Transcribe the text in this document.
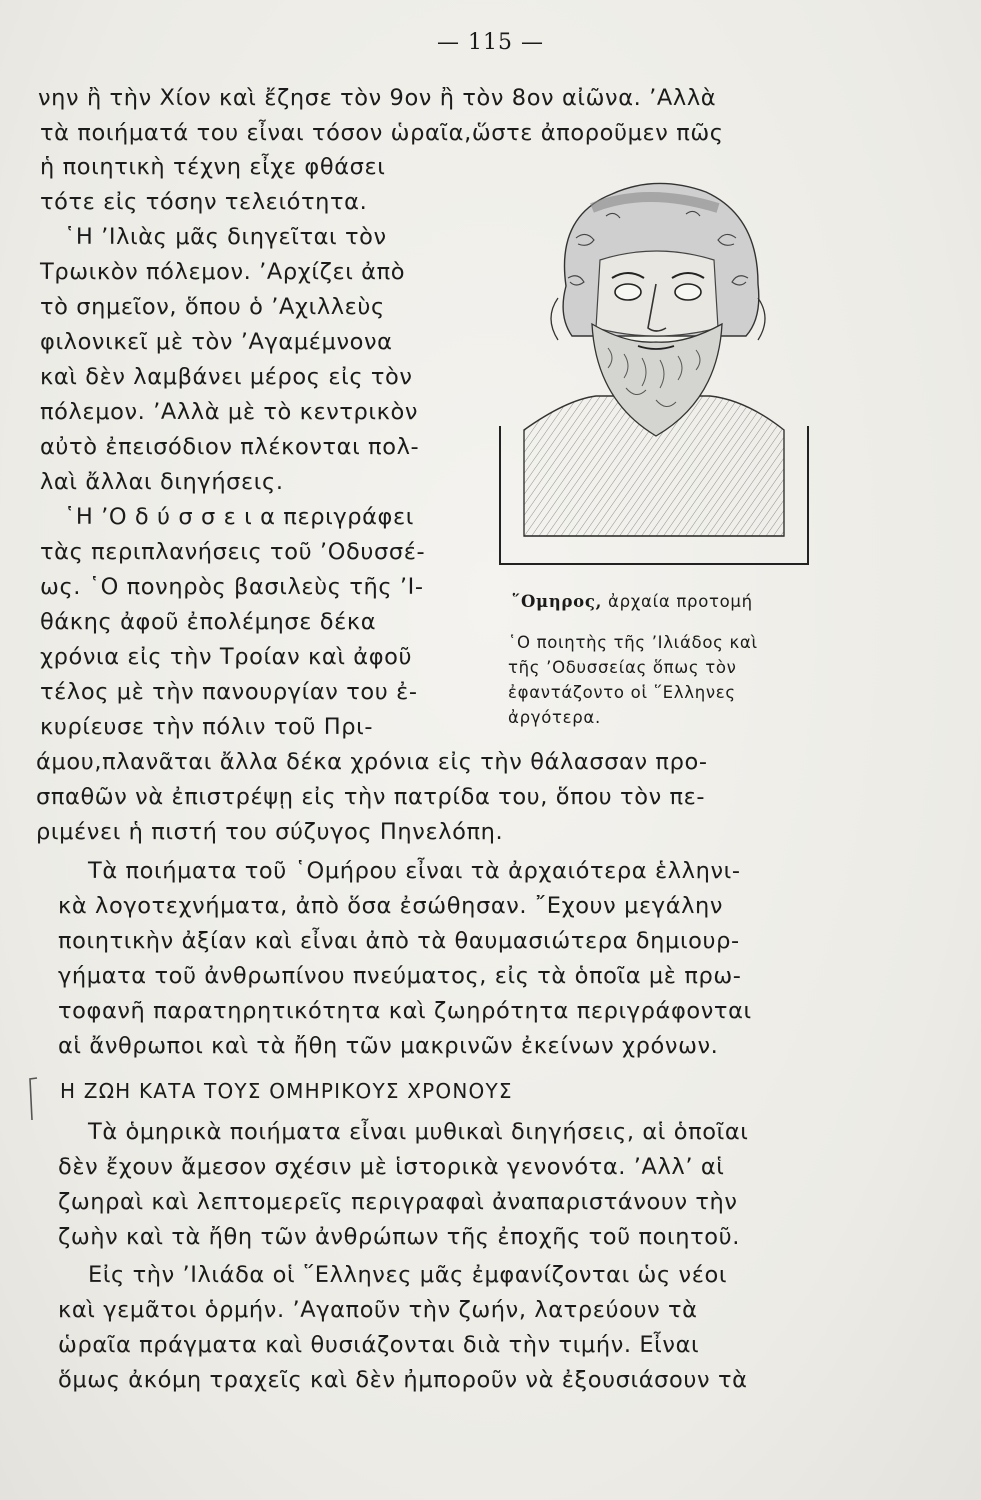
— 115 —
νην ἢ τὴν Χίον καὶ ἔζησε τὸν 9ον ἢ τὸν 8ον αἰῶνα. ’Αλλὰ
τὰ ποιήματά του εἶναι τόσον ὡραῖα,ὥστε ἀποροῦμεν πῶς
ἡ ποιητικὴ τέχνη εἶχε φθάσει
τότε εἰς τόσην τελειότητα.
῾Η ’Ιλιὰς μᾶς διηγεῖται τὸν
Τρωικὸν πόλεμον. ’Αρχίζει ἀπὸ
τὸ σημεῖον, ὅπου ὁ ’Αχιλλεὺς
φιλονικεῖ μὲ τὸν ’Αγαμέμνονα
καὶ δὲν λαμβάνει μέρος εἰς τὸν
πόλεμον. ’Αλλὰ μὲ τὸ κεντρικὸν
αὐτὸ ἐπεισόδιον πλέκονται πολ-
λαὶ ἄλλαι διηγήσεις.
῾Η ’Ο δ ύ σ σ ε ι α περιγράφει
τὰς περιπλανήσεις τοῦ ’Οδυσσέ-
ως. ῾Ο πονηρὸς βασιλεὺς τῆς ’Ι-
θάκης ἀφοῦ ἐπολέμησε δέκα
χρόνια εἰς τὴν Τροίαν καὶ ἀφοῦ
τέλος μὲ τὴν πανουργίαν του ἐ-
κυρίευσε τὴν πόλιν τοῦ Πρι-
άμου,πλανᾶται ἄλλα δέκα χρόνια εἰς τὴν θάλασσαν προ-
σπαθῶν νὰ ἐπιστρέψῃ εἰς τὴν πατρίδα του, ὅπου τὸν πε-
ριμένει ἡ πιστή του σύζυγος Πηνελόπη.
Τὰ ποιήματα τοῦ ῾Ομήρου εἶναι τὰ ἀρχαιότερα ἑλληνι-
κὰ λογοτεχνήματα, ἀπὸ ὅσα ἐσώθησαν. ῎Εχουν μεγάλην
ποιητικὴν ἀξίαν καὶ εἶναι ἀπὸ τὰ θαυμασιώτερα δημιουρ-
γήματα τοῦ ἀνθρωπίνου πνεύματος, εἰς τὰ ὁποῖα μὲ πρω-
τοφανῆ παρατηρητικότητα καὶ ζωηρότητα περιγράφονται
αἱ ἄνθρωποι καὶ τὰ ἤθη τῶν μακρινῶν ἐκείνων χρόνων.
Η ΖΩΗ ΚΑΤΑ ΤΟΥΣ ΟΜΗΡΙΚΟΥΣ ΧΡΟΝΟΥΣ
Τὰ ὁμηρικὰ ποιήματα εἶναι μυθικαὶ διηγήσεις, αἱ ὁποῖαι
δὲν ἔχουν ἄμεσον σχέσιν μὲ ἱστορικὰ γενονότα. ’Αλλ’ αἱ
ζωηραὶ καὶ λεπτομερεῖς περιγραφαὶ ἀναπαριστάνουν τὴν
ζωὴν καὶ τὰ ἤθη τῶν ἀνθρώπων τῆς ἐποχῆς τοῦ ποιητοῦ.
Εἰς τὴν ’Ιλιάδα οἱ ῞Ελληνες μᾶς ἐμφανίζονται ὡς νέοι
καὶ γεμᾶτοι ὁρμήν. ’Αγαποῦν τὴν ζωήν, λατρεύουν τὰ
ὡραῖα πράγματα καὶ θυσιάζονται διὰ τὴν τιμήν. Εἶναι
ὅμως ἀκόμη τραχεῖς καὶ δὲν ἠμποροῦν νὰ ἐξουσιάσουν τὰ
῞Ομηρος, ἀρχαία προτομή
῾Ο ποιητὴς τῆς ’Ιλιάδος καὶ
τῆς ’Οδυσσείας ὅπως τὸν
ἐφαντάζοντο οἱ ῞Ελληνες
ἀργότερα.
